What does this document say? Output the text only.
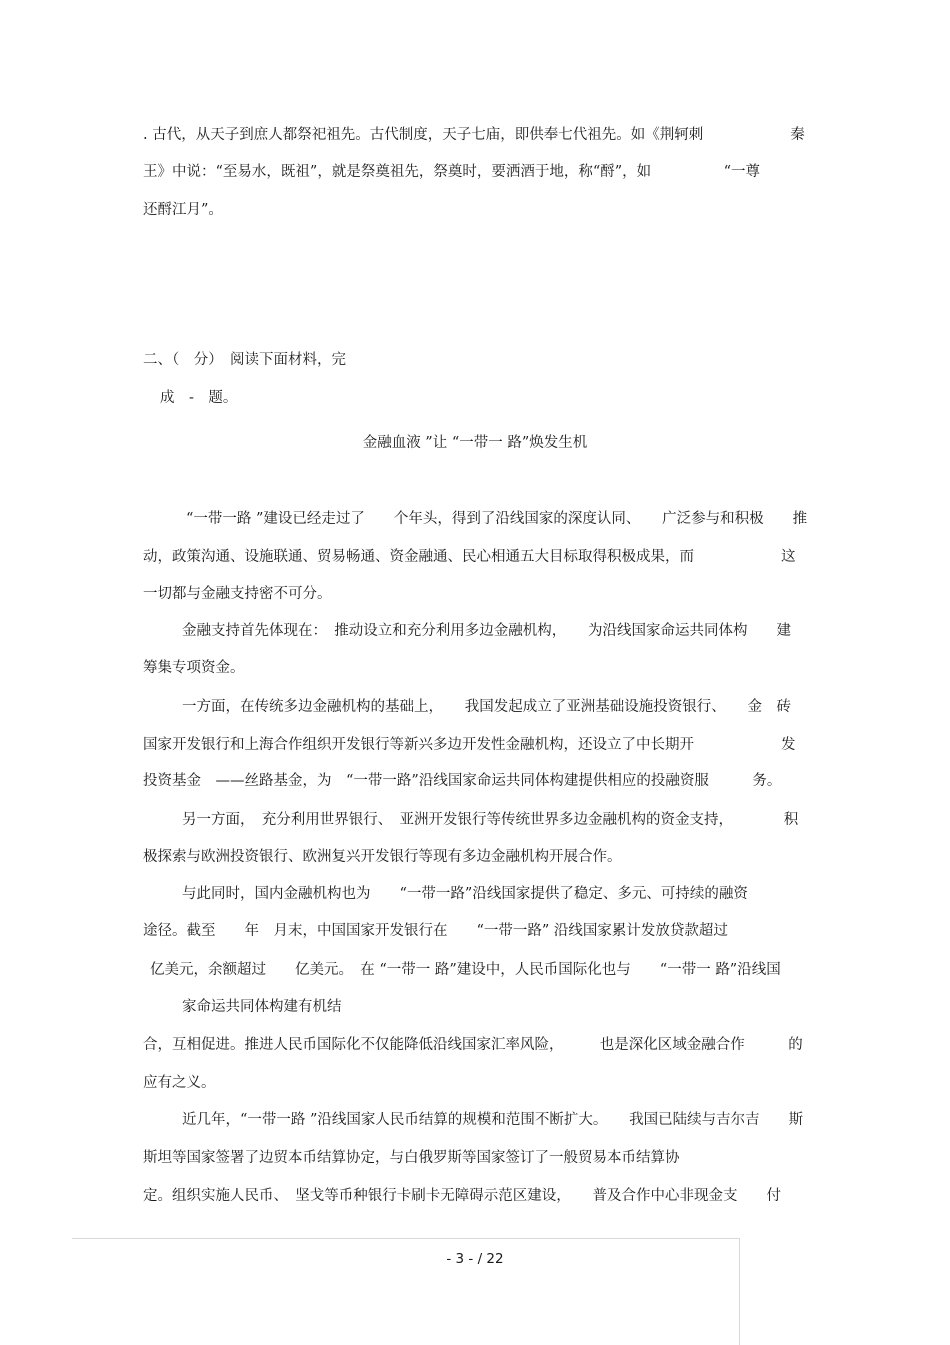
. 古代，从天子到庶人都祭祀祖先。古代制度，天子七庙，即供奉七代祖先。如《荆轲刺　　　　　　秦
王》中说：“至易水，既祖”，就是祭奠祖先，祭奠时，要洒酒于地，称“酹”，如　　　　　“一尊
还酹江月”。
二、（　分）　阅读下面材料，完
成　-　题。
金融血液 ”让 “一带一 路”焕发生机
“一带一路 ”建设已经走过了　　个年头，得到了沿线国家的深度认同、　　广泛参与和积极　　推
动，政策沟通、设施联通、贸易畅通、资金融通、民心相通五大目标取得积极成果，而　　　　　　这
一切都与金融支持密不可分。
金融支持首先体现在：　推动设立和充分利用多边金融机构，　　为沿线国家命运共同体构　　建
筹集专项资金。
一方面，在传统多边金融机构的基础上，　　我国发起成立了亚洲基础设施投资银行、　　金　砖
国家开发银行和上海合作组织开发银行等新兴多边开发性金融机构，还设立了中长期开　　　　　　发
投资基金　——丝路基金，为　“一带一路”沿线国家命运共同体构建提供相应的投融资服　　　务。
另一方面，　充分利用世界银行、　亚洲开发银行等传统世界多边金融机构的资金支持，　　　　积
极探索与欧洲投资银行、欧洲复兴开发银行等现有多边金融机构开展合作。
与此同时，国内金融机构也为　　“一带一路”沿线国家提供了稳定、多元、可持续的融资
途径。截至　　年　月末，中国国家开发银行在　　“一带一路” 沿线国家累计发放贷款超过
亿美元，余额超过　　亿美元。　在 “一带一 路”建设中，人民币国际化也与　　“一带一 路”沿线国
家命运共同体构建有机结
合，互相促进。推进人民币国际化不仅能降低沿线国家汇率风险，　　　也是深化区域金融合作　　　的
应有之义。
近几年，“一带一路 ”沿线国家人民币结算的规模和范围不断扩大。　　我国已陆续与吉尔吉　　斯
斯坦等国家签署了边贸本币结算协定，与白俄罗斯等国家签订了一般贸易本币结算协
定。组织实施人民币、　坚戈等币种银行卡刷卡无障碍示范区建设，　　普及合作中心非现金支　　付
- 3 - / 22
